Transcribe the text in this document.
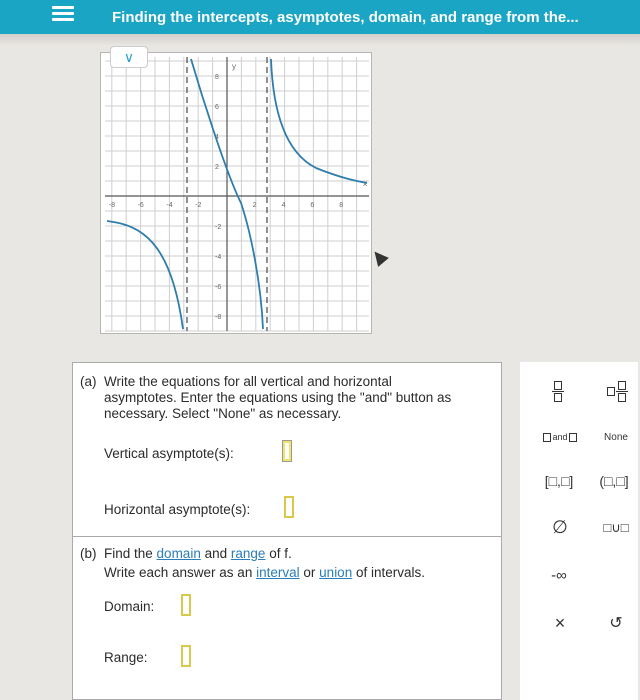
Finding the intercepts, asymptotes, domain, and range from the...
y
x
-8	-6	-4	-2	2	4	6	8
8
6
4
2
-2
-4
-6
-8
∨
(a) Write the equations for all vertical and horizontal
asymptotes. Enter the equations using the "and" button as
necessary. Select "None" as necessary.
Vertical asymptote(s):
Horizontal asymptote(s):
(b) Find the domain and range of f.
Write each answer as an interval or union of intervals.
Domain:
Range:
and	None
[□,□]	(□,□]
∅	□∪□
-∞
×	↺
